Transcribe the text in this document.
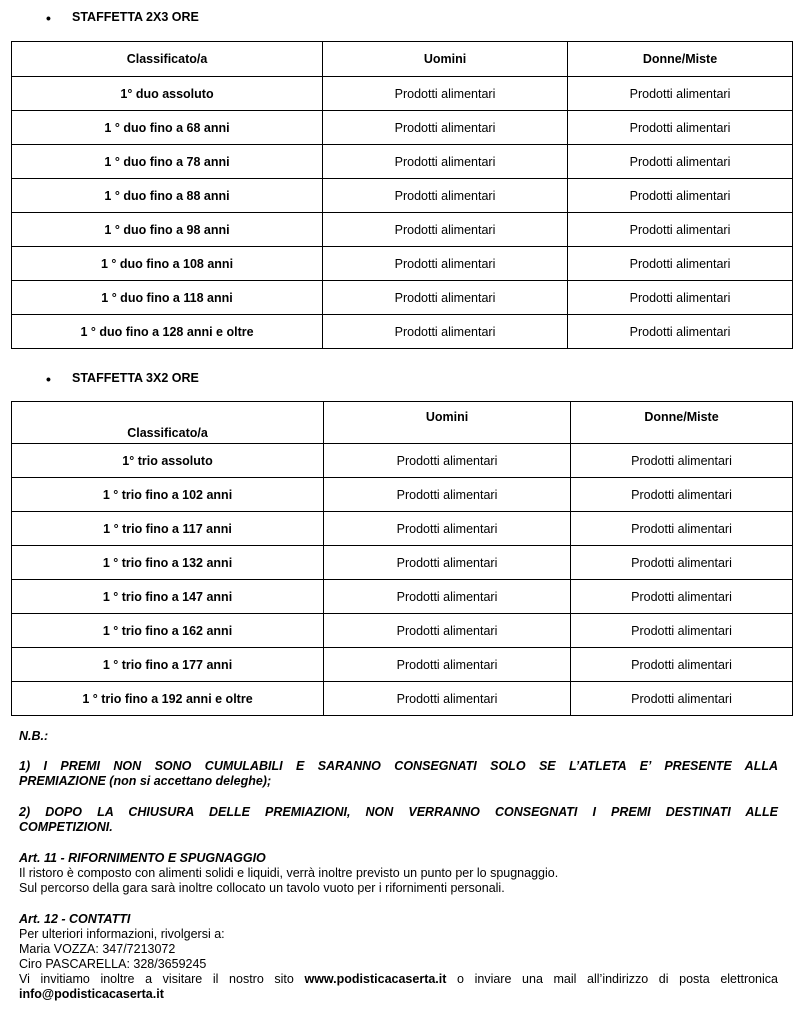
• STAFFETTA 2X3 ORE
Classificato/a	Uomini	Donne/Miste
1° duo assoluto	Prodotti alimentari	Prodotti alimentari
1 ° duo fino a 68 anni	Prodotti alimentari	Prodotti alimentari
1 ° duo fino a 78 anni	Prodotti alimentari	Prodotti alimentari
1 ° duo fino a 88 anni	Prodotti alimentari	Prodotti alimentari
1 ° duo fino a 98 anni	Prodotti alimentari	Prodotti alimentari
1 ° duo fino a 108 anni	Prodotti alimentari	Prodotti alimentari
1 ° duo fino a 118 anni	Prodotti alimentari	Prodotti alimentari
1 ° duo fino a 128 anni e oltre	Prodotti alimentari	Prodotti alimentari
• STAFFETTA 3X2 ORE
Classificato/a	Uomini	Donne/Miste
1° trio assoluto	Prodotti alimentari	Prodotti alimentari
1 ° trio fino a 102 anni	Prodotti alimentari	Prodotti alimentari
1 ° trio fino a 117 anni	Prodotti alimentari	Prodotti alimentari
1 ° trio fino a 132 anni	Prodotti alimentari	Prodotti alimentari
1 ° trio fino a 147 anni	Prodotti alimentari	Prodotti alimentari
1 ° trio fino a 162 anni	Prodotti alimentari	Prodotti alimentari
1 ° trio fino a 177 anni	Prodotti alimentari	Prodotti alimentari
1 ° trio fino a 192 anni e oltre	Prodotti alimentari	Prodotti alimentari
N.B.:
1) I PREMI NON SONO CUMULABILI E SARANNO CONSEGNATI SOLO SE L’ATLETA E’ PRESENTE ALLA
PREMIAZIONE (non si accettano deleghe);
2) DOPO LA CHIUSURA DELLE PREMIAZIONI, NON VERRANNO CONSEGNATI I PREMI DESTINATI ALLE
COMPETIZIONI.
Art. 11 - RIFORNIMENTO E SPUGNAGGIO
Il ristoro è composto con alimenti solidi e liquidi, verrà inoltre previsto un punto per lo spugnaggio.
Sul percorso della gara sarà inoltre collocato un tavolo vuoto per i rifornimenti personali.
Art. 12 - CONTATTI
Per ulteriori informazioni, rivolgersi a:
Maria VOZZA: 347/7213072
Ciro PASCARELLA: 328/3659245
Vi invitiamo inoltre a visitare il nostro sito www.podisticacaserta.it o inviare una mail all’indirizzo di posta elettronica
info@podisticacaserta.it
